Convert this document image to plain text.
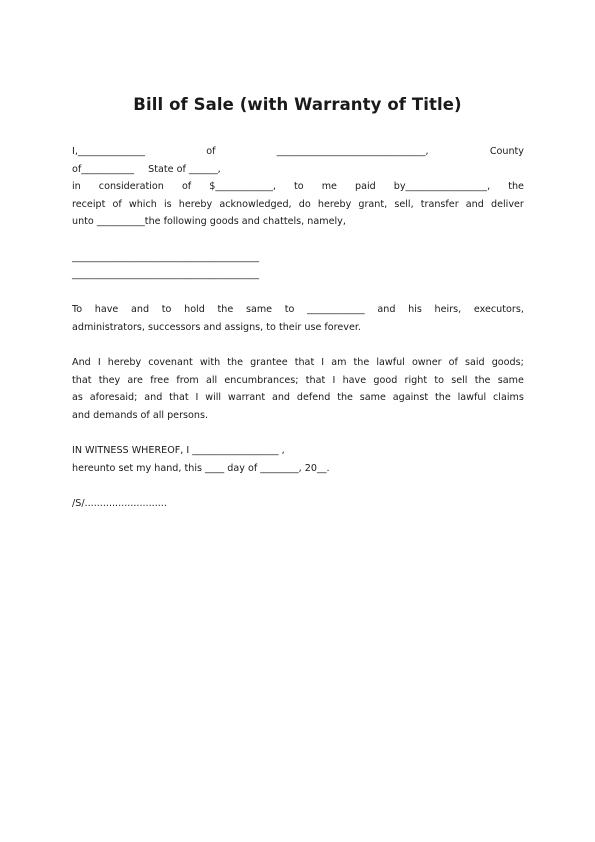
Bill of Sale (with Warranty of Title)
I,______________	of	_______________________________,	County
of___________ State of ______,
in consideration of $____________, to me paid by_________________, the
receipt of which is hereby acknowledged, do hereby grant, sell, transfer and deliver
unto __________the following goods and chattels, namely,
_______________________________________
_______________________________________
To have and to hold the same to ____________ and his heirs, executors,
administrators, successors and assigns, to their use forever.
And I hereby covenant with the grantee that I am the lawful owner of said goods;
that they are free from all encumbrances; that I have good right to sell the same
as aforesaid; and that I will warrant and defend the same against the lawful claims
and demands of all persons.
IN WITNESS WHEREOF, I __________________ ,
hereunto set my hand, this ____ day of ________, 20__.
/S/...........................
